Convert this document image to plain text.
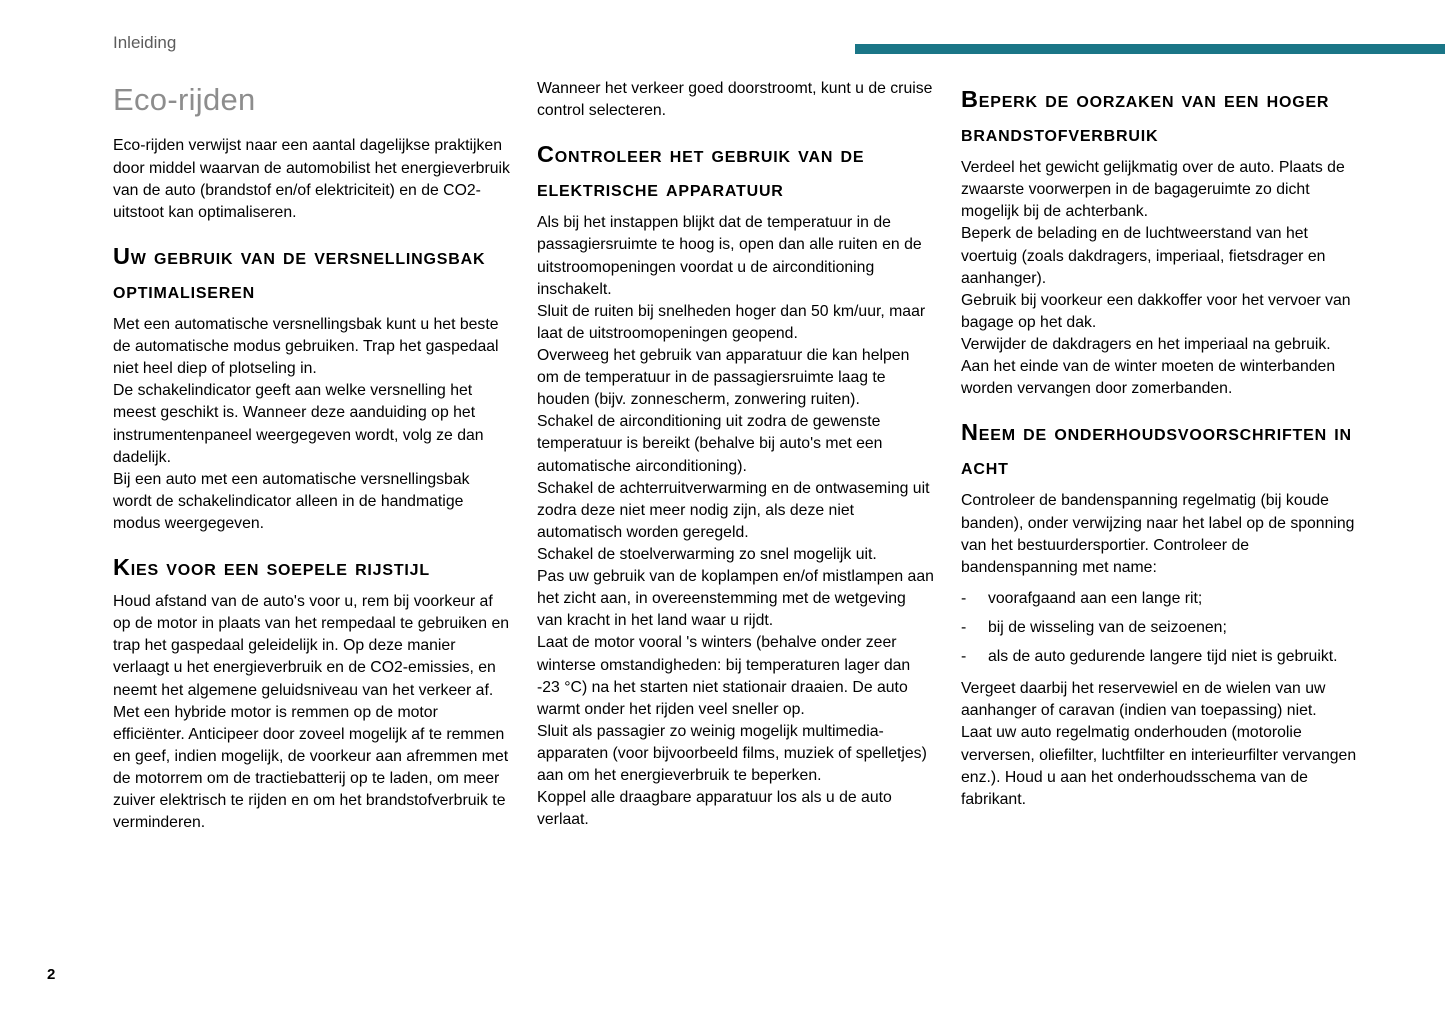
Inleiding
Eco-rijden

Eco-rijden verwijst naar een aantal dagelijkse praktijken door middel waarvan de automobilist het energieverbruik van de auto (brandstof en/of elektriciteit) en de CO2-uitstoot kan optimaliseren.

Uw gebruik van de versnellingsbak optimaliseren

Met een automatische versnellingsbak kunt u het beste de automatische modus gebruiken. Trap het gaspedaal niet heel diep of plotseling in.

De schakelindicator geeft aan welke versnelling het meest geschikt is. Wanneer deze aanduiding op het instrumentenpaneel weergegeven wordt, volg ze dan dadelijk.

Bij een auto met een automatische versnellingsbak wordt de schakelindicator alleen in de handmatige modus weergegeven.

Kies voor een soepele rijstijl

Houd afstand van de auto's voor u, rem bij voorkeur af op de motor in plaats van het rempedaal te gebruiken en trap het gaspedaal geleidelijk in. Op deze manier verlaagt u het energieverbruik en de CO2-emissies, en neemt het algemene geluidsniveau van het verkeer af.

Met een hybride motor is remmen op de motor efficiënter. Anticipeer door zoveel mogelijk af te remmen en geef, indien mogelijk, de voorkeur aan afremmen met de motorrem om de tractiebatterij op te laden, om meer zuiver elektrisch te rijden en om het brandstofverbruik te verminderen.

Wanneer het verkeer goed doorstroomt, kunt u de cruise control selecteren.

Controleer het gebruik van de elektrische apparatuur

Als bij het instappen blijkt dat de temperatuur in de passagiersruimte te hoog is, open dan alle ruiten en de uitstroomopeningen voordat u de airconditioning inschakelt.

Sluit de ruiten bij snelheden hoger dan 50 km/uur, maar laat de uitstroomopeningen geopend.

Overweeg het gebruik van apparatuur die kan helpen om de temperatuur in de passagiersruimte laag te houden (bijv. zonnescherm, zonwering ruiten).

Schakel de airconditioning uit zodra de gewenste temperatuur is bereikt (behalve bij auto's met een automatische airconditioning).

Schakel de achterruitverwarming en de ontwaseming uit zodra deze niet meer nodig zijn, als deze niet automatisch worden geregeld.

Schakel de stoelverwarming zo snel mogelijk uit.

Pas uw gebruik van de koplampen en/of mistlampen aan het zicht aan, in overeenstemming met de wetgeving van kracht in het land waar u rijdt.

Laat de motor vooral 's winters (behalve onder zeer winterse omstandigheden: bij temperaturen lager dan -23 °C) na het starten niet stationair draaien. De auto warmt onder het rijden veel sneller op.

Sluit als passagier zo weinig mogelijk multimedia-apparaten (voor bijvoorbeeld films, muziek of spelletjes) aan om het energieverbruik te beperken.

Koppel alle draagbare apparatuur los als u de auto verlaat.

Beperk de oorzaken van een hoger brandstofverbruik

Verdeel het gewicht gelijkmatig over de auto. Plaats de zwaarste voorwerpen in de bagageruimte zo dicht mogelijk bij de achterbank.

Beperk de belading en de luchtweerstand van het voertuig (zoals dakdragers, imperiaal, fietsdrager en aanhanger).

Gebruik bij voorkeur een dakkoffer voor het vervoer van bagage op het dak.

Verwijder de dakdragers en het imperiaal na gebruik.

Aan het einde van de winter moeten de winterbanden worden vervangen door zomerbanden.

Neem de onderhoudsvoorschriften in acht

Controleer de bandenspanning regelmatig (bij koude banden), onder verwijzing naar het label op de sponning van het bestuurdersportier. Controleer de bandenspanning met name:

-	voorafgaand aan een lange rit;
-	bij de wisseling van de seizoenen;
-	als de auto gedurende langere tijd niet is gebruikt.

Vergeet daarbij het reservewiel en de wielen van uw aanhanger of caravan (indien van toepassing) niet.

Laat uw auto regelmatig onderhouden (motorolie verversen, oliefilter, luchtfilter en interieurfilter vervangen enz.). Houd u aan het onderhoudsschema van de fabrikant.

2
